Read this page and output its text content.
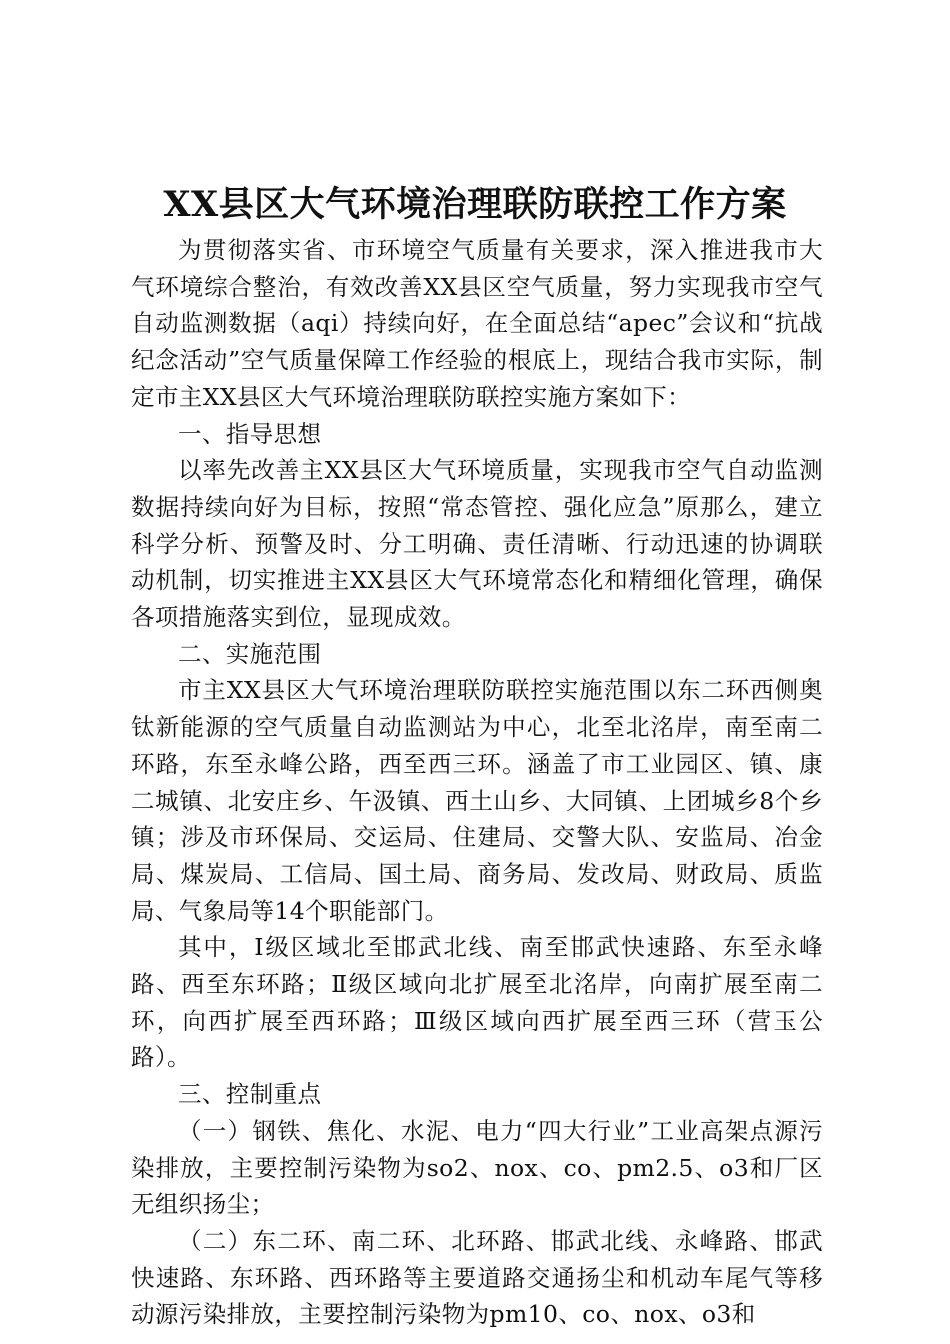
XX县区大气环境治理联防联控工作方案

为贯彻落实省、市环境空气质量有关要求，深入推进我市大气环境综合整治，有效改善XX县区空气质量，努力实现我市空气自动监测数据（aqi）持续向好，在全面总结“apec”会议和“抗战纪念活动”空气质量保障工作经验的根底上，现结合我市实际，制定市主XX县区大气环境治理联防联控实施方案如下：

一、指导思想

以率先改善主XX县区大气环境质量，实现我市空气自动监测数据持续向好为目标，按照“常态管控、强化应急”原那么，建立科学分析、预警及时、分工明确、责任清晰、行动迅速的协调联动机制，切实推进主XX县区大气环境常态化和精细化管理，确保各项措施落实到位，显现成效。

二、实施范围

市主XX县区大气环境治理联防联控实施范围以东二环西侧奥钛新能源的空气质量自动监测站为中心，北至北洺岸，南至南二环路，东至永峰公路，西至西三环。涵盖了市工业园区、镇、康二城镇、北安庄乡、午汲镇、西土山乡、大同镇、上团城乡8个乡镇；涉及市环保局、交运局、住建局、交警大队、安监局、冶金局、煤炭局、工信局、国土局、商务局、发改局、财政局、质监局、气象局等14个职能部门。

其中，Ⅰ级区域北至邯武北线、南至邯武快速路、东至永峰路、西至东环路；Ⅱ级区域向北扩展至北洺岸，向南扩展至南二环，向西扩展至西环路；Ⅲ级区域向西扩展至西三环（营玉公路）。

三、控制重点

（一）钢铁、焦化、水泥、电力“四大行业”工业高架点源污染排放，主要控制污染物为so2、nox、co、pm2.5、o3和厂区无组织扬尘；

（二）东二环、南二环、北环路、邯武北线、永峰路、邯武快速路、东环路、西环路等主要道路交通扬尘和机动车尾气等移动源污染排放，主要控制污染物为pm10、co、nox、o3和
